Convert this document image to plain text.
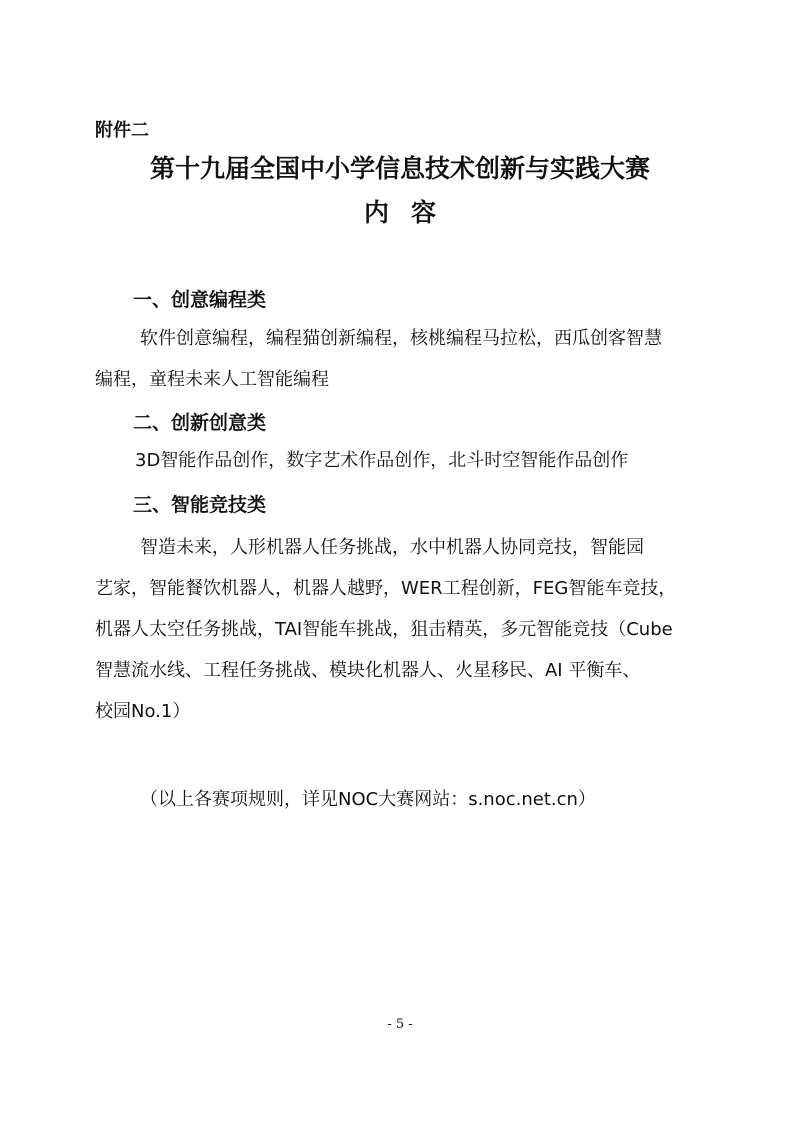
附件二
第十九届全国中小学信息技术创新与实践大赛
内容
一、创意编程类
软件创意编程，编程猫创新编程，核桃编程马拉松，西瓜创客智慧
编程，童程未来人工智能编程
二、创新创意类
3D智能作品创作，数字艺术作品创作，北斗时空智能作品创作
三、智能竞技类
智造未来，人形机器人任务挑战，水中机器人协同竞技，智能园
艺家，智能餐饮机器人，机器人越野，WER工程创新，FEG智能车竞技，
机器人太空任务挑战，TAI智能车挑战，狙击精英，多元智能竞技（Cube
智慧流水线、工程任务挑战、模块化机器人、火星移民、AI 平衡车、
校园No.1）
（以上各赛项规则，详见NOC大赛网站：s.noc.net.cn）
- 5 -
